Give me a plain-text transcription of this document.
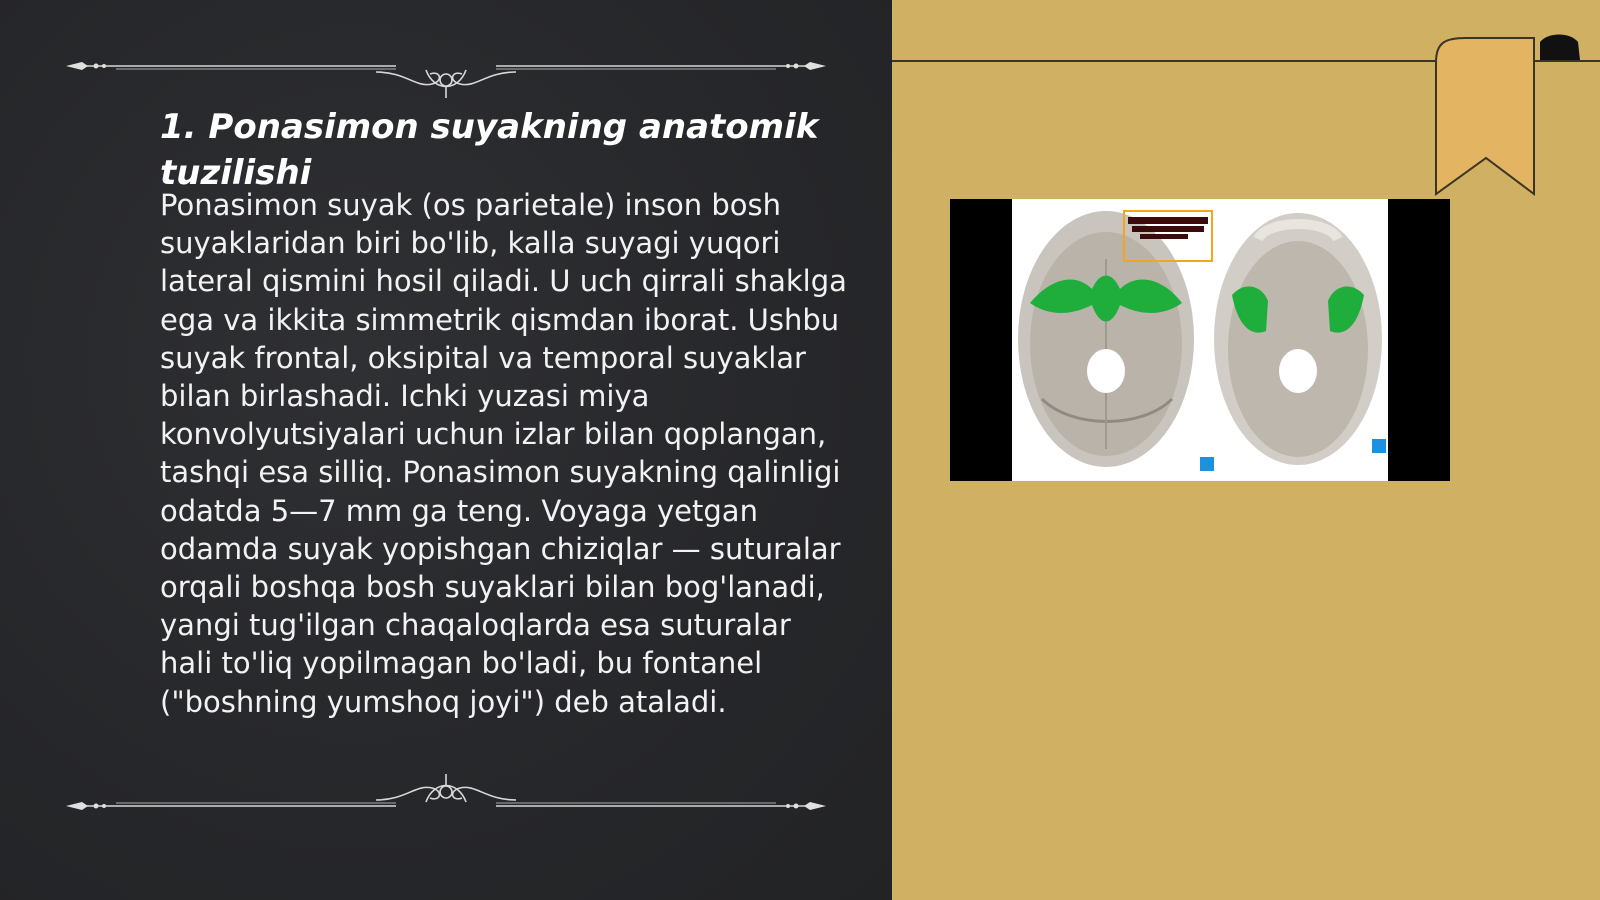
1. Ponasimon suyakning anatomik tuzilishi

Ponasimon suyak (os parietale) inson bosh suyaklaridan biri bo'lib, kalla suyagi yuqori lateral qismini hosil qiladi. U uch qirrali shaklga ega va ikkita simmetrik qismdan iborat. Ushbu suyak frontal, oksipital va temporal suyaklar bilan birlashadi. Ichki yuzasi miya konvolyutsiyalari uchun izlar bilan qoplangan, tashqi esa silliq. Ponasimon suyakning qalinligi odatda 5—7 mm ga teng. Voyaga yetgan odamda suyak yopishgan chiziqlar — suturalar orqali boshqa bosh suyaklari bilan bog'lanadi, yangi tug'ilgan chaqaloqlarda esa suturalar hali to'liq yopilmagan bo'ladi, bu fontanel ("boshning yumshoq joyi") deb ataladi.
